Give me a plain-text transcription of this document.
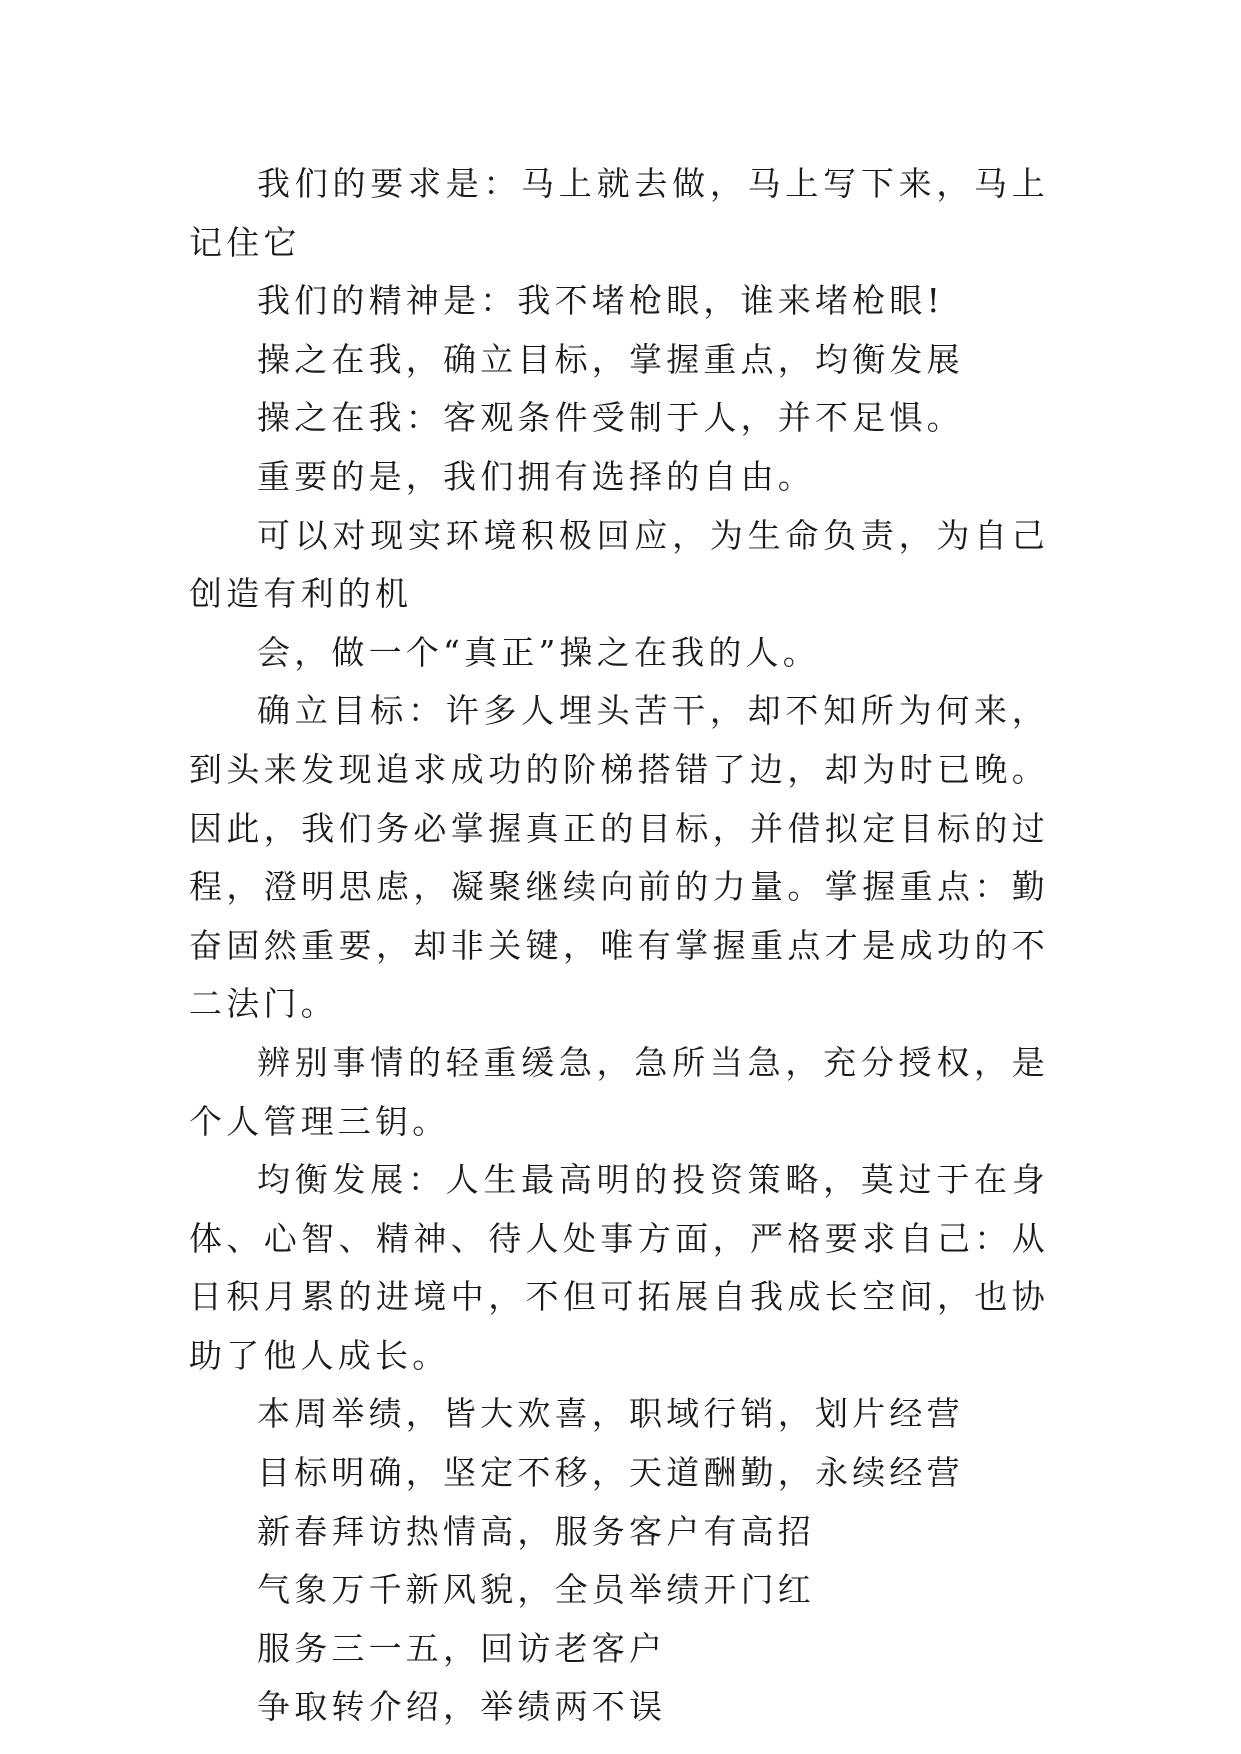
我们的要求是：马上就去做，马上写下来，马上记住它

我们的精神是：我不堵枪眼，谁来堵枪眼!

操之在我，确立目标，掌握重点，均衡发展

操之在我：客观条件受制于人，并不足惧。

重要的是，我们拥有选择的自由。

可以对现实环境积极回应，为生命负责，为自己创造有利的机

会，做一个“真正”操之在我的人。

确立目标：许多人埋头苦干，却不知所为何来，到头来发现追求成功的阶梯搭错了边，却为时已晚。因此，我们务必掌握真正的目标，并借拟定目标的过程，澄明思虑，凝聚继续向前的力量。掌握重点：勤奋固然重要，却非关键，唯有掌握重点才是成功的不二法门。

辨别事情的轻重缓急，急所当急，充分授权，是个人管理三钥。

均衡发展：人生最高明的投资策略，莫过于在身体、心智、精神、待人处事方面，严格要求自己：从日积月累的进境中，不但可拓展自我成长空间，也协助了他人成长。

本周举绩，皆大欢喜，职域行销，划片经营

目标明确，坚定不移，天道酬勤，永续经营

新春拜访热情高，服务客户有高招

气象万千新风貌，全员举绩开门红

服务三一五，回访老客户

争取转介绍，举绩两不误
